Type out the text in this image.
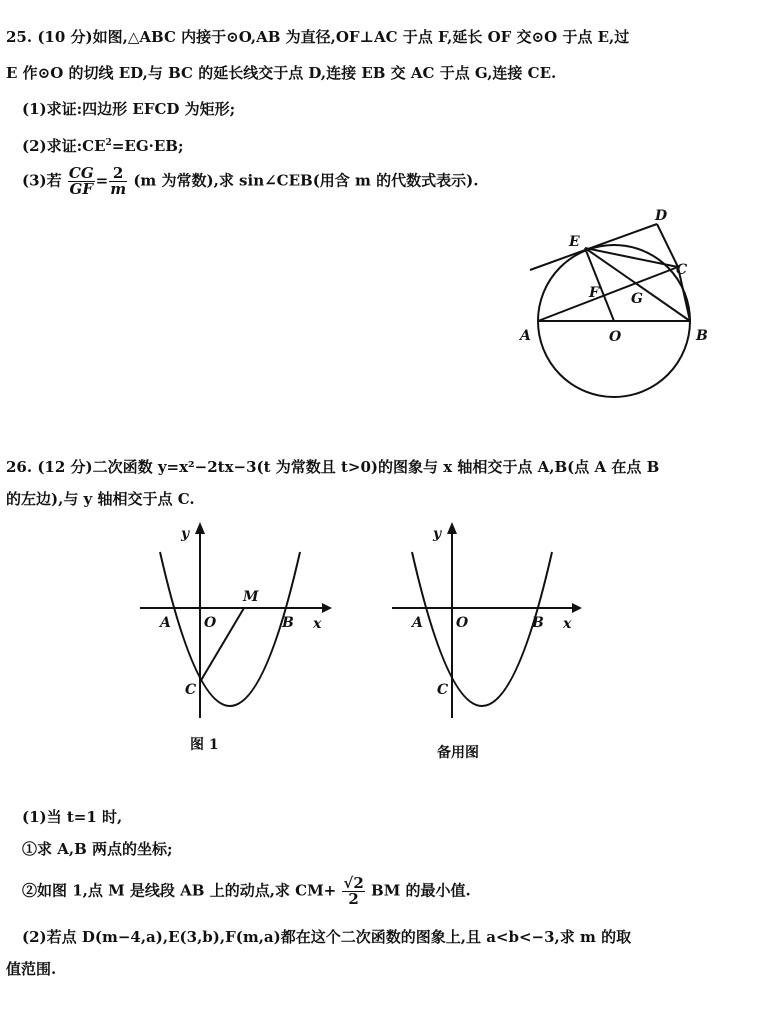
25. (10 分)如图,△ABC 内接于⊙O,AB 为直径,OF⊥AC 于点 F,延长 OF 交⊙O 于点 E,过
E 作⊙O 的切线 ED,与 BC 的延长线交于点 D,连接 EB 交 AC 于点 G,连接 CE.
(1)求证:四边形 EFCD 为矩形;
(2)求证$:CE^2=EG\cdot EB$;
(3)若 $\frac{CG}{GF} = \frac{2}{m} (m$ 为常数),求 sin∠CEB(用含 m 的代数式表示).
D
E
C
F G
A	O	B
26. (12 分)二次函数 y=x²−2tx−3(t 为常数且 t>0)的图象与 x 轴相交于点 A,B(点 A 在点 B
的左边),与 y 轴相交于点 C.
y
x
A O	B
M
C
y
x
A O	B
C
图 1	备用图
(1)当 t=1 时,
①求 A,B 两点的坐标;
②如图 1,点 M 是线段 AB 上的动点,求 $CM+ \frac{√2}{2}$ BM 的最小值.
(2)若点 D(m−4,a),E(3,b),F(m,a)都在这个二次函数的图象上,且 a<b<−3,求 m 的取
值范围.
